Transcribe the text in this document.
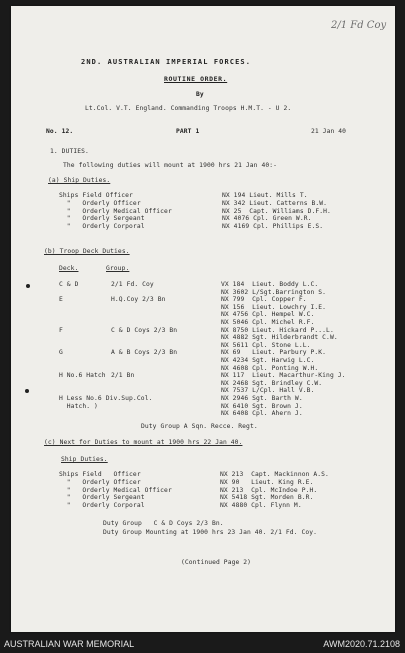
2/1 Fd Coy
2ND. AUSTRALIAN IMPERIAL FORCES.
ROUTINE ORDER.
By
Lt.Col. V.T. England. Commanding Troops H.M.T. - U 2.
No. 12.	PART 1	21 Jan 40
1. DUTIES.
The following duties will mount at 1900 hrs 21 Jan 40:-
(a) Ship Duties.
Ships Field Officer	NX 194 Lieut. Mills T.
"   Orderly Officer	NX 342 Lieut. Catterns B.W.
"   Orderly Medical Officer	NX 25  Capt. Williams D.F.H.
"   Orderly Sergeant	NX 4076 Cpl. Green W.R.
"   Orderly Corporal	NX 4169 Cpl. Phillips E.S.
(b) Troop Deck Duties.
Deck.	Group.
C & D	2/1 Fd. Coy	VX 184  Lieut. Boddy L.C.
NX 3602 L/Sgt.Barrington S.
E	H.Q.Coy 2/3 Bn	NX 799  Cpl. Copper F.
NX 156  Lieut. Lowchry I.E.
NX 4756 Cpl. Hempel W.C.
NX 5046 Cpl. Michel R.F.
F	C & D Coys 2/3 Bn	NX 8750 Lieut. Hickard P...L.
NX 4882 Sgt. Hilderbrandt C.W.
NX 5611 Cpl. Stone L.L.
G	A & B Coys 2/3 Bn	NX 69   Lieut. Parbury P.K.
NX 4234 Sgt. Harwig L.C.
NX 4608 Cpl. Ponting W.H.
H No.6 Hatch 2/1 Bn	NX 117  Lieut. Macarthur-King J.
NX 2468 Sgt. Brindley C.W.
NX 7537 L/Cpl. Hall V.B.
H Less No.6 Div.Sup.Col.	NX 2946 Sgt. Barth W.
Hatch. )	NX 6410 Sgt. Brown J.
NX 6408 Cpl. Ahern J.
Duty Group A Sqn. Recce. Regt.
(c) Next for Duties to mount at 1900 hrs 22 Jan 40.
Ship Duties.
Ships Field   Officer	NX 213  Capt. Mackinnon A.S.
"   Orderly Officer	NX 90   Lieut. King R.E.
"   Orderly Medical Officer	NX 213  Cpl. McIndoe P.H.
"   Orderly Sergeant	NX 5418 Sgt. Morden B.R.
"   Orderly Corporal	NX 4880 Cpl. Flynn M.
Duty Group   C & D Coys 2/3 Bn.
Duty Group Mounting at 1900 hrs 23 Jan 40. 2/1 Fd. Coy.
(Continued Page 2)
AUSTRALIAN WAR MEMORIAL	AWM2020.71.2108
